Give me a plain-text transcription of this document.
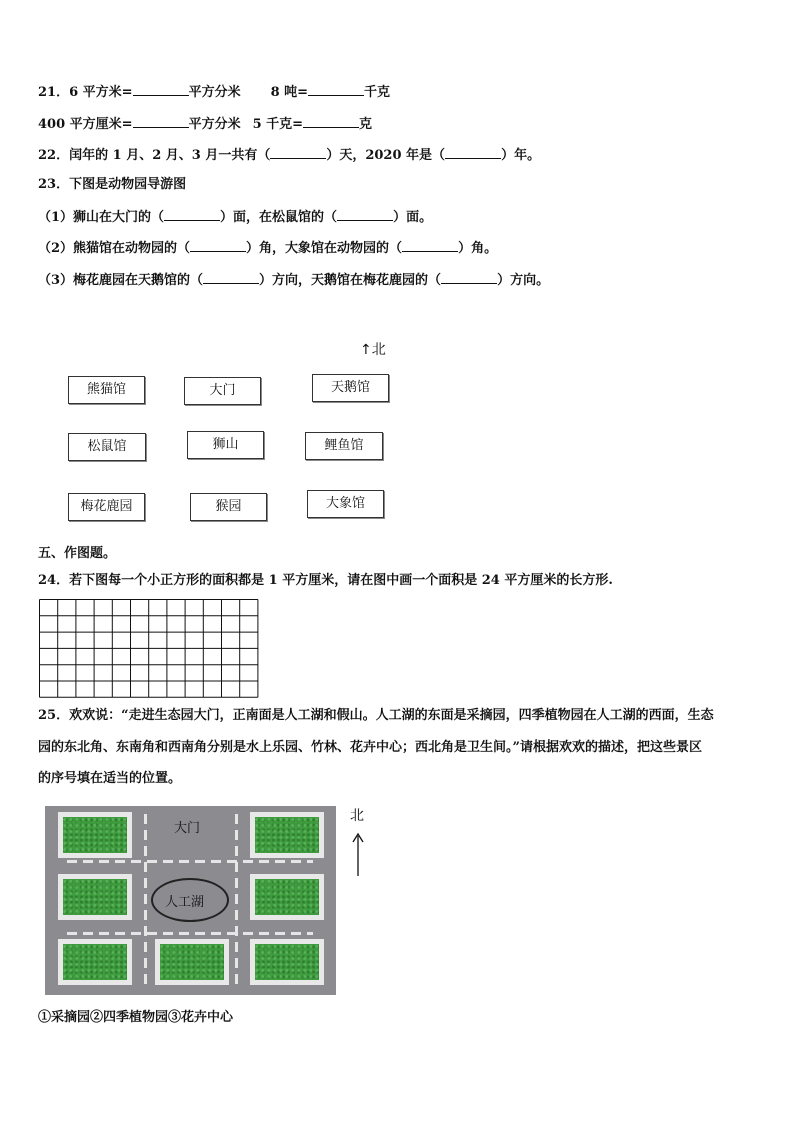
21．6 平方米=	平方分米 8 吨=	千克
400 平方厘米=	平方分米 5 千克=	克
22．闰年的 1 月、2 月、3 月一共有（	）天，2020 年是（	）年。
23．下图是动物园导游图
（1）狮山在大门的（	）面，在松鼠馆的（	）面。
（2）熊猫馆在动物园的（	）角，大象馆在动物园的（	）角。
（3）梅花鹿园在天鹅馆的（	）方向，天鹅馆在梅花鹿园的（	）方向。
↑北
熊猫馆	大门	天鹅馆
松鼠馆	狮山	鲤鱼馆
梅花鹿园	猴园	大象馆
五、作图题。
24．若下图每一个小正方形的面积都是 1 平方厘米，请在图中画一个面积是 24 平方厘米的长方形.
25．欢欢说：“走进生态园大门，正南面是人工湖和假山。人工湖的东面是采摘园，四季植物园在人工湖的西面，生态
园的东北角、东南角和西南角分别是水上乐园、竹林、花卉中心；西北角是卫生间。”请根据欢欢的描述，把这些景区
的序号填在适当的位置。
大门
人工湖
北
①采摘园②四季植物园③花卉中心
